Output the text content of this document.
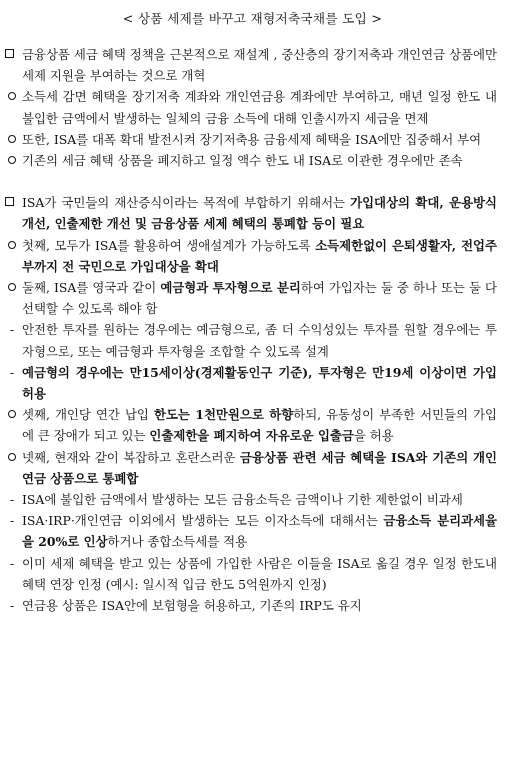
< 상품 세제를 바꾸고 재형저축국채를 도입 >
금융상품 세금 혜택 정책을 근본적으로 재설계 , 중산층의 장기저축과 개인연금 상품에만 세제 지원을 부여하는 것으로 개혁
소득세 감면 혜택을 장기저축 계좌와 개인연금용 계좌에만 부여하고, 매년 일정 한도 내 불입한 금액에서 발생하는 일체의 금융 소득에 대해 인출시까지 세금을 면제
또한, ISA를 대폭 확대 발전시켜 장기저축용 금융세제 혜택을 ISA에만 집중해서 부여
기존의 세금 혜택 상품을 폐지하고 일정 액수 한도 내 ISA로 이관한 경우에만 존속
ISA가 국민들의 재산증식이라는 목적에 부합하기 위해서는 가입대상의 확대, 운용방식 개선, 인출제한 개선 및 금융상품 세제 혜택의 통폐합 등이 필요
첫째, 모두가 ISA를 활용하여 생애설계가 가능하도록 소득제한없이 은퇴생활자, 전업주부까지 전 국민으로 가입대상을 확대
둘째, ISA를 영국과 같이 예금형과 투자형으로 분리하여 가입자는 둘 중 하나 또는 둘 다 선택할 수 있도록 해야 함
- 안전한 투자를 원하는 경우에는 예금형으로, 좀 더 수익성있는 투자를 원할 경우에는 투자형으로, 또는 예금형과 투자형을 조합할 수 있도록 설계
- 예금형의 경우에는 만15세이상(경제활동인구 기준), 투자형은 만19세 이상이면 가입 허용
셋째, 개인당 연간 납입 한도는 1천만원으로 하향하되, 유동성이 부족한 서민들의 가입에 큰 장애가 되고 있는 인출제한을 폐지하여 자유로운 입출금을 허용
넷째, 현재와 같이 복잡하고 혼란스러운 금융상품 관련 세금 혜택을 ISA와 기존의 개인연금 상품으로 통폐합
- ISA에 불입한 금액에서 발생하는 모든 금융소득은 금액이나 기한 제한없이 비과세
- ISA·IRP·개인연금 이외에서 발생하는 모든 이자소득에 대해서는 금융소득 분리과세율을 20%로 인상하거나 종합소득세를 적용
- 이미 세제 혜택을 받고 있는 상품에 가입한 사람은 이들을 ISA로 옮길 경우 일정 한도내 혜택 연장 인정 (예시: 일시적 입금 한도 5억원까지 인정)
- 연금용 상품은 ISA안에 보험형을 허용하고, 기존의 IRP도 유지
